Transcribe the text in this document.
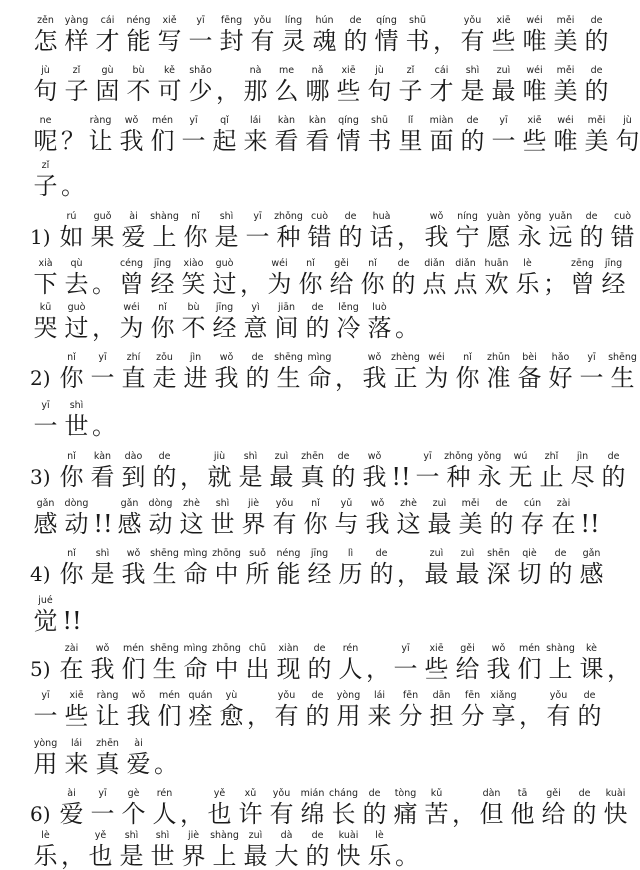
zěn
怎
yàng
样
cái
才
néng
能
xiě
写
yī
一
fēng
封
yǒu
有
líng
灵
hún
魂
de
的
qíng
情
shū
书 ，
yǒu
有
xiē
些
wéi
唯
měi
美
de
的
jù
句
zǐ
子
gù
固
bù
不
kě
可
shǎo
少 ，
nà
那
me
么
nǎ
哪
xiē
些
jù
句
zǐ
子
cái
才
shì
是
zuì
最
wéi
唯
měi
美
de
的
ne
呢 ？
ràng
让
wǒ
我
mén
们
yī
一
qǐ
起
lái
来
kàn
看
kàn
看
qíng
情
shū
书
lǐ
里
miàn
面
de
的
yī
一
xiē
些
wéi
唯
měi
美
jù
句
zǐ
子 。
1)
rú
如
guǒ
果
ài
爱
shàng
上
nǐ
你
shì
是
yī
一
zhǒng
种
cuò
错
de
的
huà
话 ，
wǒ
我
níng
宁
yuàn
愿
yǒng
永
yuǎn
远
de
的
cuò
错
xià
下
qù
去 。
céng
曾
jīng
经
xiào
笑
guò
过 ，
wéi
为
nǐ
你
gěi
给
nǐ
你
de
的
diǎn
点
diǎn
点
huān
欢
lè
乐 ；
zēng
曾
jīng
经
kū
哭
guò
过 ，
wéi
为
nǐ
你
bù
不
jīng
经
yì
意
jiān
间
de
的
lěng
冷
luò
落 。
2)
nǐ
你
yī
一
zhí
直
zǒu
走
jìn
进
wǒ
我
de
的
shēng
生
mìng
命 ，
wǒ
我
zhèng
正
wéi
为
nǐ
你
zhǔn
准
bèi
备
hǎo
好
yī
一
shēng
生
yī
一
shì
世 。
3)
nǐ
你
kàn
看
dào
到
de
的 ，
jiù
就
shì
是
zuì
最
zhēn
真
de
的
wǒ
我 !!
yī
一
zhǒng
种
yǒng
永
wú
无
zhǐ
止
jìn
尽
de
的
gǎn
感
dòng
动 !!
gǎn
感
dòng
动
zhè
这
shì
世
jiè
界
yǒu
有
nǐ
你
yǔ
与
wǒ
我
zhè
这
zuì
最
měi
美
de
的
cún
存
zài
在 !!
4)
nǐ
你
shì
是
wǒ
我
shēng
生
mìng
命
zhōng
中
suǒ
所
néng
能
jīng
经
lì
历
de
的 ，
zuì
最
zuì
最
shēn
深
qiè
切
de
的
gǎn
感
jué
觉 !!
5)
zài
在
wǒ
我
mén
们
shēng
生
mìng
命
zhōng
中
chū
出
xiàn
现
de
的
rén
人 ，
yī
一
xiē
些
gěi
给
wǒ
我
mén
们
shàng
上
kè
课 ，
yī
一
xiē
些
ràng
让
wǒ
我
mén
们
quán
痊
yù
愈 ，
yǒu
有
de
的
yòng
用
lái
来
fēn
分
dān
担
fēn
分
xiǎng
享 ，
yǒu
有
de
的
yòng
用
lái
来
zhēn
真
ài
爱 。
6)
ài
爱
yī
一
gè
个
rén
人 ，
yě
也
xǔ
许
yǒu
有
mián
绵
cháng
长
de
的
tòng
痛
kǔ
苦 ，
dàn
但
tā
他
gěi
给
de
的
kuài
快
lè
乐 ，
yě
也
shì
是
shì
世
jiè
界
shàng
上
zuì
最
dà
大
de
的
kuài
快
lè
乐 。
